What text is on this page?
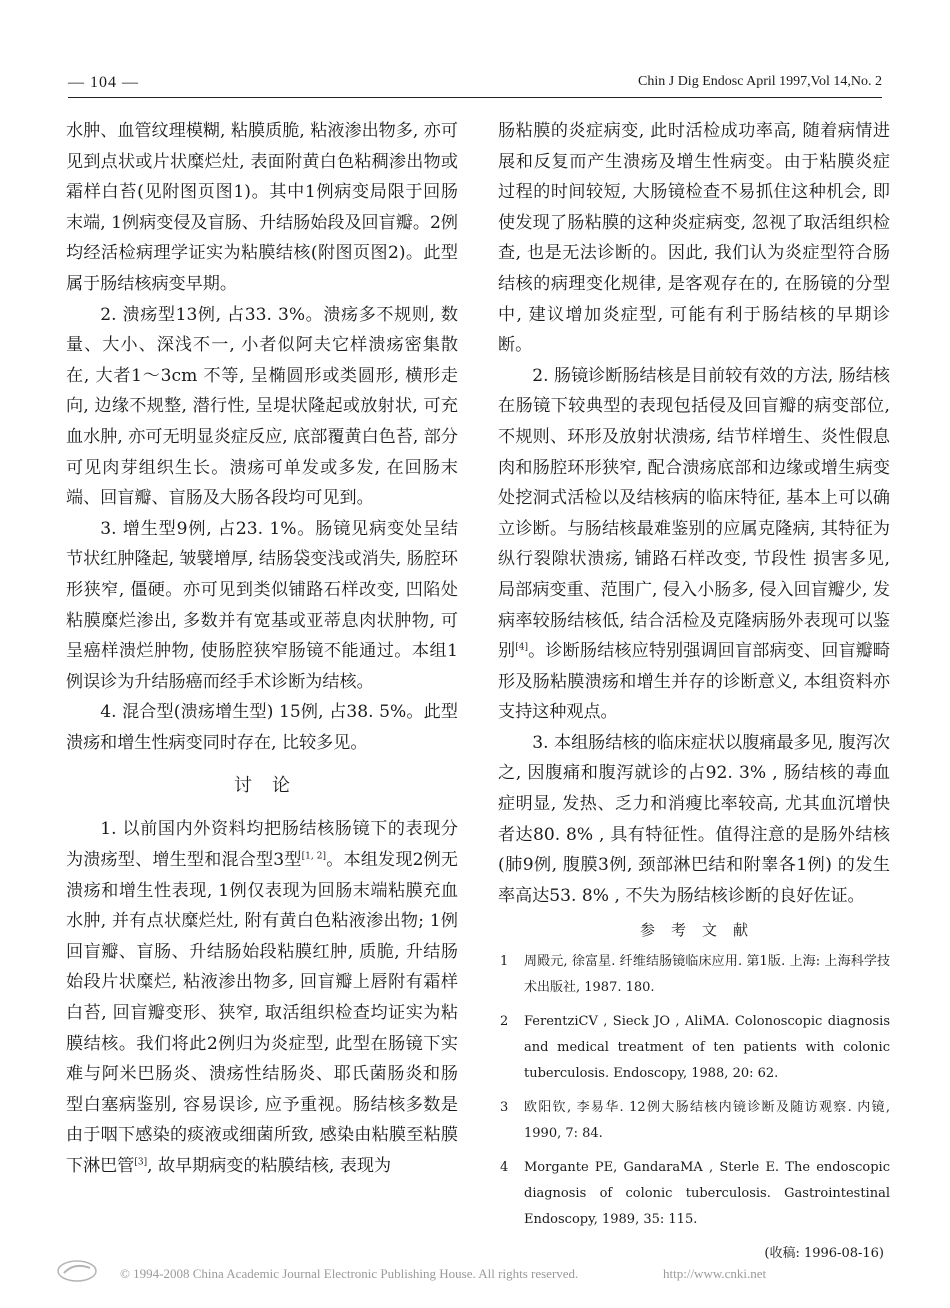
— 104 —	Chin J Dig Endosc April 1997,Vol 14,No. 2

水肿、血管纹理模糊, 粘膜质脆, 粘液渗出物多, 亦可见到点状或片状糜烂灶, 表面附黄白色粘稠渗出物或霜样白苔(见附图页图1)。其中1例病变局限于回肠末端, 1例病变侵及盲肠、升结肠始段及回盲瓣。2例均经活检病理学证实为粘膜结核(附图页图2)。此型属于肠结核病变早期。

2. 溃疡型13例, 占33. 3%。溃疡多不规则, 数量、大小、深浅不一, 小者似阿夫它样溃疡密集散在, 大者1～3cm 不等, 呈椭圆形或类圆形, 横形走向, 边缘不规整, 潜行性, 呈堤状隆起或放射状, 可充血水肿, 亦可无明显炎症反应, 底部覆黄白色苔, 部分可见肉芽组织生长。溃疡可单发或多发, 在回肠末端、回盲瓣、盲肠及大肠各段均可见到。

3. 增生型9例, 占23. 1%。肠镜见病变处呈结节状红肿隆起, 皱襞增厚, 结肠袋变浅或消失, 肠腔环形狭窄, 僵硬。亦可见到类似铺路石样改变, 凹陷处粘膜糜烂渗出, 多数并有宽基或亚蒂息肉状肿物, 可呈癌样溃烂肿物, 使肠腔狭窄肠镜不能通过。本组1例误诊为升结肠癌而经手术诊断为结核。

4. 混合型(溃疡增生型) 15例, 占38. 5%。此型溃疡和增生性病变同时存在, 比较多见。

讨论

1. 以前国内外资料均把肠结核肠镜下的表现分为溃疡型、增生型和混合型3型[1, 2]。本组发现2例无溃疡和增生性表现, 1例仅表现为回肠末端粘膜充血水肿, 并有点状糜烂灶, 附有黄白色粘液渗出物; 1例回盲瓣、盲肠、升结肠始段粘膜红肿, 质脆, 升结肠始段片状糜烂, 粘液渗出物多, 回盲瓣上唇附有霜样白苔, 回盲瓣变形、狭窄, 取活组织检查均证实为粘膜结核。我们将此2例归为炎症型, 此型在肠镜下实难与阿米巴肠炎、溃疡性结肠炎、耶氏菌肠炎和肠型白塞病鉴别, 容易误诊, 应予重视。肠结核多数是由于咽下感染的痰液或细菌所致, 感染由粘膜至粘膜下淋巴管[3], 故早期病变的粘膜结核, 表现为

肠粘膜的炎症病变, 此时活检成功率高, 随着病情进展和反复而产生溃疡及增生性病变。由于粘膜炎症过程的时间较短, 大肠镜检查不易抓住这种机会, 即使发现了肠粘膜的这种炎症病变, 忽视了取活组织检查, 也是无法诊断的。因此, 我们认为炎症型符合肠结核的病理变化规律, 是客观存在的, 在肠镜的分型中, 建议增加炎症型, 可能有利于肠结核的早期诊断。

2. 肠镜诊断肠结核是目前较有效的方法, 肠结核在肠镜下较典型的表现包括侵及回盲瓣的病变部位, 不规则、环形及放射状溃疡, 结节样增生、炎性假息肉和肠腔环形狭窄, 配合溃疡底部和边缘或增生病变处挖洞式活检以及结核病的临床特征, 基本上可以确立诊断。与肠结核最难鉴别的应属克隆病, 其特征为纵行裂隙状溃疡, 铺路石样改变, 节段性 损害多见, 局部病变重、范围广, 侵入小肠多, 侵入回盲瓣少, 发病率较肠结核低, 结合活检及克隆病肠外表现可以鉴别[4]。诊断肠结核应特别强调回盲部病变、回盲瓣畸形及肠粘膜溃疡和增生并存的诊断意义, 本组资料亦支持这种观点。

3. 本组肠结核的临床症状以腹痛最多见, 腹泻次之, 因腹痛和腹泻就诊的占92. 3% , 肠结核的毒血症明显, 发热、乏力和消瘦比率较高, 尤其血沉增快者达80. 8% , 具有特征性。值得注意的是肠外结核(肺9例, 腹膜3例, 颈部淋巴结和附睾各1例) 的发生率高达53. 8% , 不失为肠结核诊断的良好佐证。

参考文献
1 周殿元, 徐富星. 纤维结肠镜临床应用. 第1版. 上海: 上海科学技术出版社, 1987. 180.
2 FerentziCV , Sieck JO , AliMA. Colonoscopic diagnosis and medical treatment of ten patients with colonic tuberculosis. Endoscopy, 1988, 20: 62.
3 欧阳钦, 李易华. 12例大肠结核内镜诊断及随访观察. 内镜, 1990, 7: 84.
4 Morgante PE, GandaraMA , Sterle E. The endoscopic diagnosis of colonic tuberculosis. Gastrointestinal Endoscopy, 1989, 35: 115.
(收稿: 1996-08-16)
© 1994-2008 China Academic Journal Electronic Publishing House. All rights reserved.	http://www.cnki.net
